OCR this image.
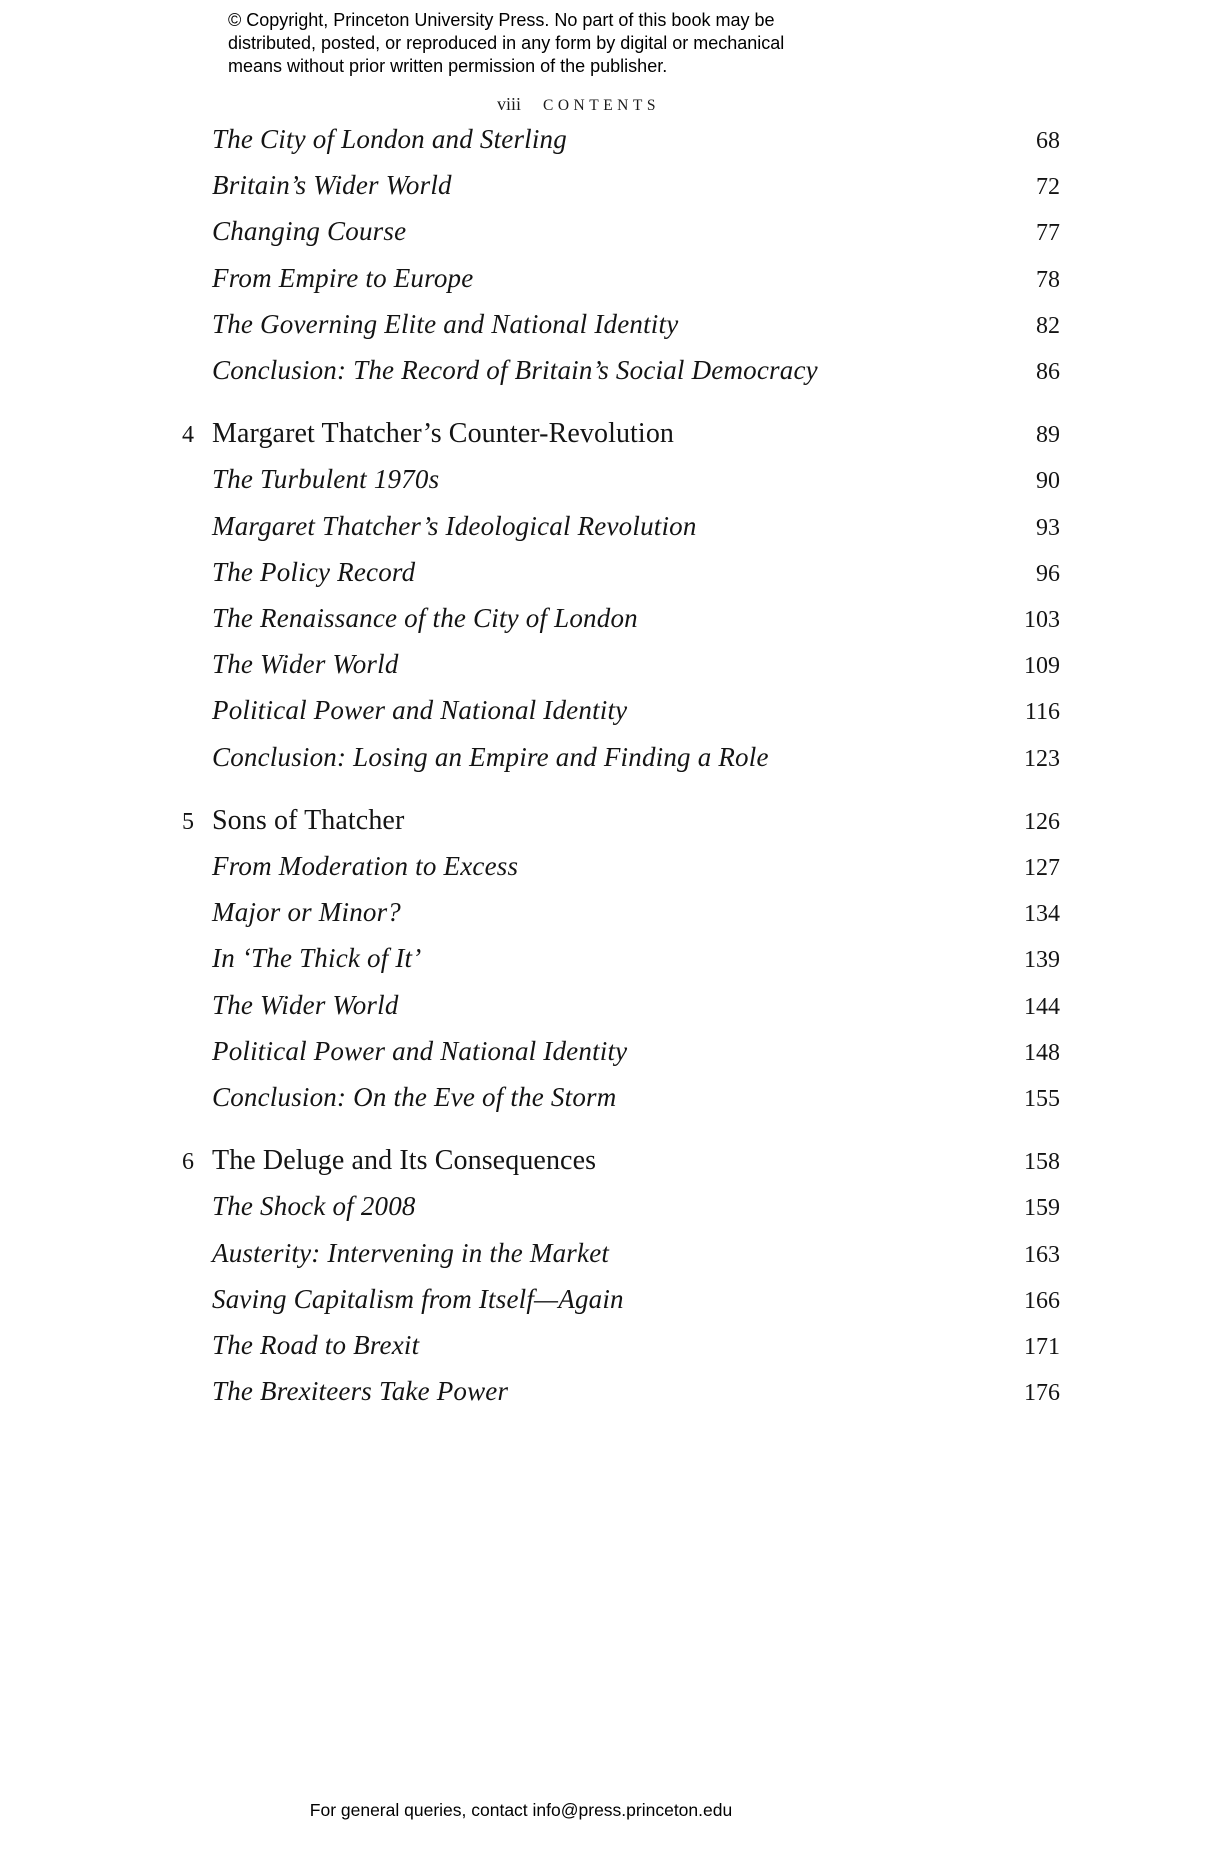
© Copyright, Princeton University Press. No part of this book may be
distributed, posted, or reproduced in any form by digital or mechanical
means without prior written permission of the publisher.
viii CONTENTS
The City of London and Sterling	68
Britain’s Wider World	72
Changing Course	77
From Empire to Europe	78
The Governing Elite and National Identity	82
Conclusion: The Record of Britain’s Social Democracy	86
4 Margaret Thatcher’s Counter-Revolution	89
The Turbulent 1970s	90
Margaret Thatcher’s Ideological Revolution	93
The Policy Record	96
The Renaissance of the City of London	103
The Wider World	109
Political Power and National Identity	116
Conclusion: Losing an Empire and Finding a Role	123
5 Sons of Thatcher	126
From Moderation to Excess	127
Major or Minor?	134
In ‘The Thick of It’	139
The Wider World	144
Political Power and National Identity	148
Conclusion: On the Eve of the Storm	155
6 The Deluge and Its Consequences	158
The Shock of 2008	159
Austerity: Intervening in the Market	163
Saving Capitalism from Itself—Again	166
The Road to Brexit	171
The Brexiteers Take Power	176
For general queries, contact info@press.princeton.edu
